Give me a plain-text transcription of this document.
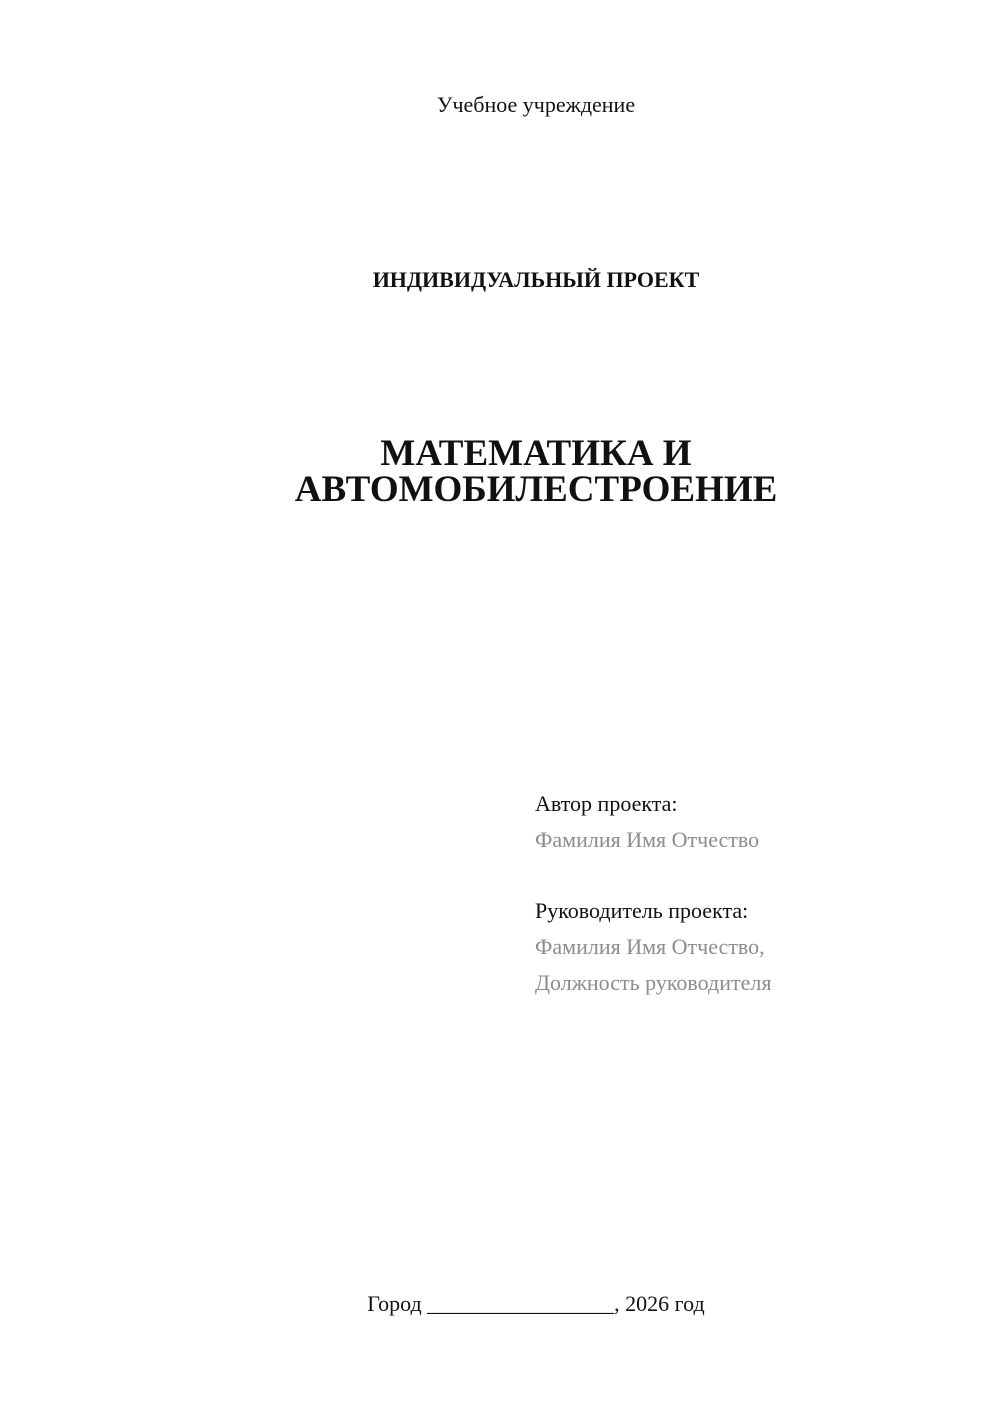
Учебное учреждение
ИНДИВИДУАЛЬНЫЙ ПРОЕКТ
МАТЕМАТИКА И
АВТОМОБИЛЕСТРОЕНИЕ
Автор проекта:
Фамилия Имя Отчество
Руководитель проекта:
Фамилия Имя Отчество,
Должность руководителя
Город _________________, 2026 год
